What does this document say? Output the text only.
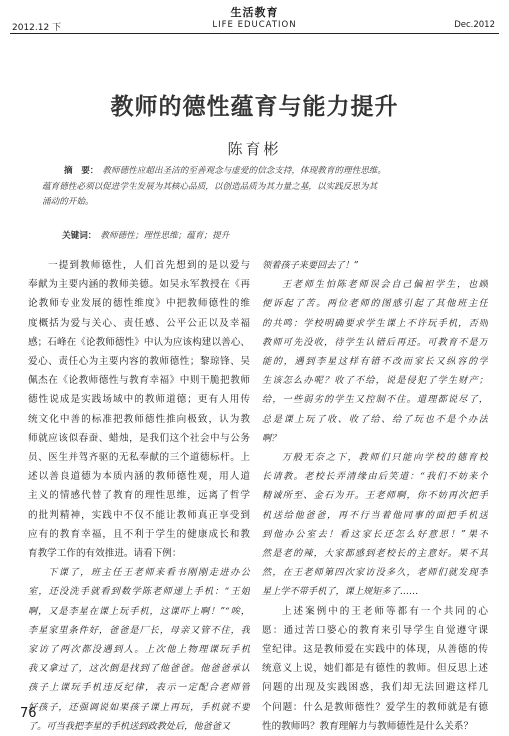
生活教育
2012.12 下	LIFE EDUCATION	Dec.2012
教师的德性蕴育与能力提升
陈育彬
摘　要： 教师德性应超出圣洁的至善观念与虚爱的信念支持，体现教育的理性思维。
蕴育德性必须以促进学生发展为其核心品质，以创造品质为其力量之基，以实践反思为其
涌动的开始。
关键词： 教师德性；理性思维；蕴育；提升
一提到教师德性，人们首先想到的是以爱与
奉献为主要内涵的教师美德。如吴永军教授在《再
论教师专业发展的德性维度》中把教师德性的维
度概括为爱与关心、责任感、公平公正以及幸福
感；石峰在《论教师德性》中认为应该构建以善心、
爱心、责任心为主要内容的教师德性；黎琼锋、吴
佩杰在《论教师德性与教育幸福》中则干脆把教师
德性说成是实践场域中的教师道德；更有人用传
统文化中善的标准把教师德性推向极致，认为教
师就应该似春蚕、蜡烛，是我们这个社会中与公务
员、医生并驾齐驱的无私奉献的三个道德标杆。上
述以善良道德为本质内涵的教师德性观，用人道
主义的情感代替了教育的理性思维，远离了哲学
的批判精神，实践中不仅不能让教师真正享受到
应有的教育幸福，且不利于学生的健康成长和教
育教学工作的有效推进。请看下例：
下课了，班主任王老师来看书刚刚走进办公
室，还没洗手就看到数学陈老师递上手机：“王姐
啊，又是李星在课上玩手机，这课吓上啊！”“唉，
李星家里条件好，爸爸是厂长，母亲又管不住，我
家访了两次都没遇到人。上次他上物理课玩手机
我又拿过了，这次倒是找到了他爸爸。他爸爸承认
孩子上课玩手机违反纪律，表示一定配合老师管
好孩子，还强调说如果孩子课上再玩，手机就不要
了。可当我把李星的手机送到政教处后，他爸爸又
领着孩子来要回去了！”
王老师生怕陈老师误会自己偏袒学生，也顾
便诉起了苦。两位老师的图感引起了其他班主任
的共鸣：学校明确要求学生课上不许玩手机，否则
教师可先没收，待学生认错后再还。可教育不是万
能的，遇到李星这样有错不改而家长又纵容的学
生该怎么办呢？收了不给，说是侵犯了学生财产；
给，一些弱劣的学生又控制不住。道理都说尽了，
总是课上玩了收、收了给、给了玩也不是个办法
啊？
万般无奈之下，教师们只能向学校的德育校
长请教。老校长弄清缘由后笑道：“我们不妨来个
精诚所至、金石为开。王老师啊，你不妨再次把手
机送给他爸爸，再不行当着他同事的面把手机送
到他办公室去！看这家长还怎么好意思！”果不
然是老的辣，大家都感到老校长的主意好。果不其
然，在王老师第四次家访没多久，老师们就发现李
星上学不带手机了，课上规矩多了……
上述案例中的王老师等都有一个共同的心
愿：通过苦口婆心的教育来引导学生自觉遵守课
堂纪律。这是教师爱在实践中的体现，从善德的传
统意义上说，她们都是有德性的教师。但反思上述
问题的出现及实践困惑，我们却无法回避这样几
个问题：什么是教师德性？爱学生的教师就是有德
性的教师吗？教育理解力与教师德性是什么关系？
76
